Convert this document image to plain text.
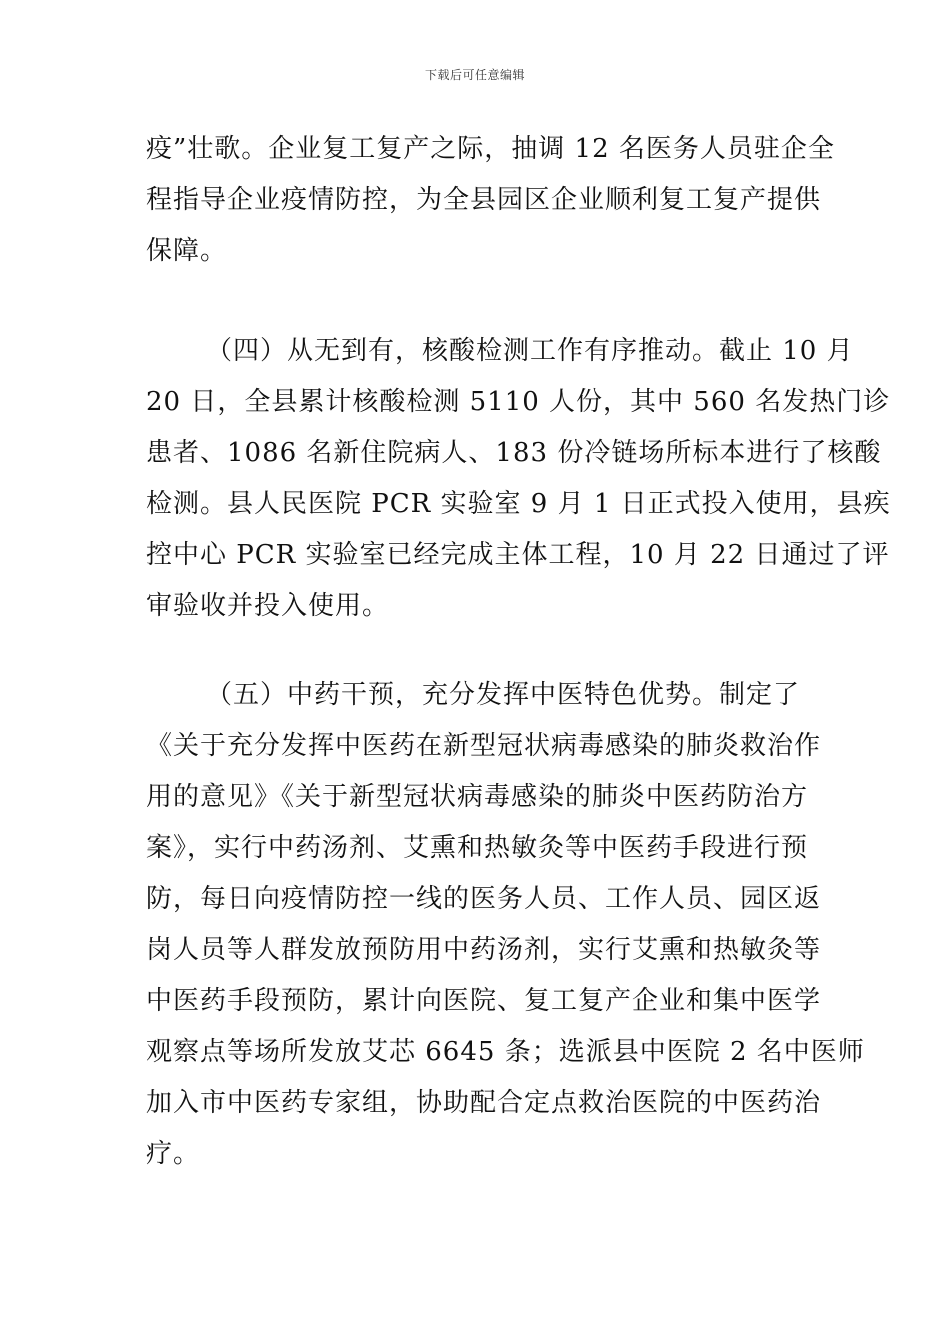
下载后可任意编辑
疫”壮歌。企业复工复产之际，抽调 12 名医务人员驻企全
程指导企业疫情防控，为全县园区企业顺利复工复产提供
保障。
（四）从无到有，核酸检测工作有序推动。截止 10 月
20 日，全县累计核酸检测 5110 人份，其中 560 名发热门诊
患者、1086 名新住院病人、183 份冷链场所标本进行了核酸
检测。县人民医院 PCR 实验室 9 月 1 日正式投入使用，县疾
控中心 PCR 实验室已经完成主体工程，10 月 22 日通过了评
审验收并投入使用。
（五）中药干预，充分发挥中医特色优势。制定了
《关于充分发挥中医药在新型冠状病毒感染的肺炎救治作
用的意见》《关于新型冠状病毒感染的肺炎中医药防治方
案》，实行中药汤剂、艾熏和热敏灸等中医药手段进行预
防，每日向疫情防控一线的医务人员、工作人员、园区返
岗人员等人群发放预防用中药汤剂，实行艾熏和热敏灸等
中医药手段预防，累计向医院、复工复产企业和集中医学
观察点等场所发放艾芯 6645 条；选派县中医院 2 名中医师
加入市中医药专家组，协助配合定点救治医院的中医药治
疗。
